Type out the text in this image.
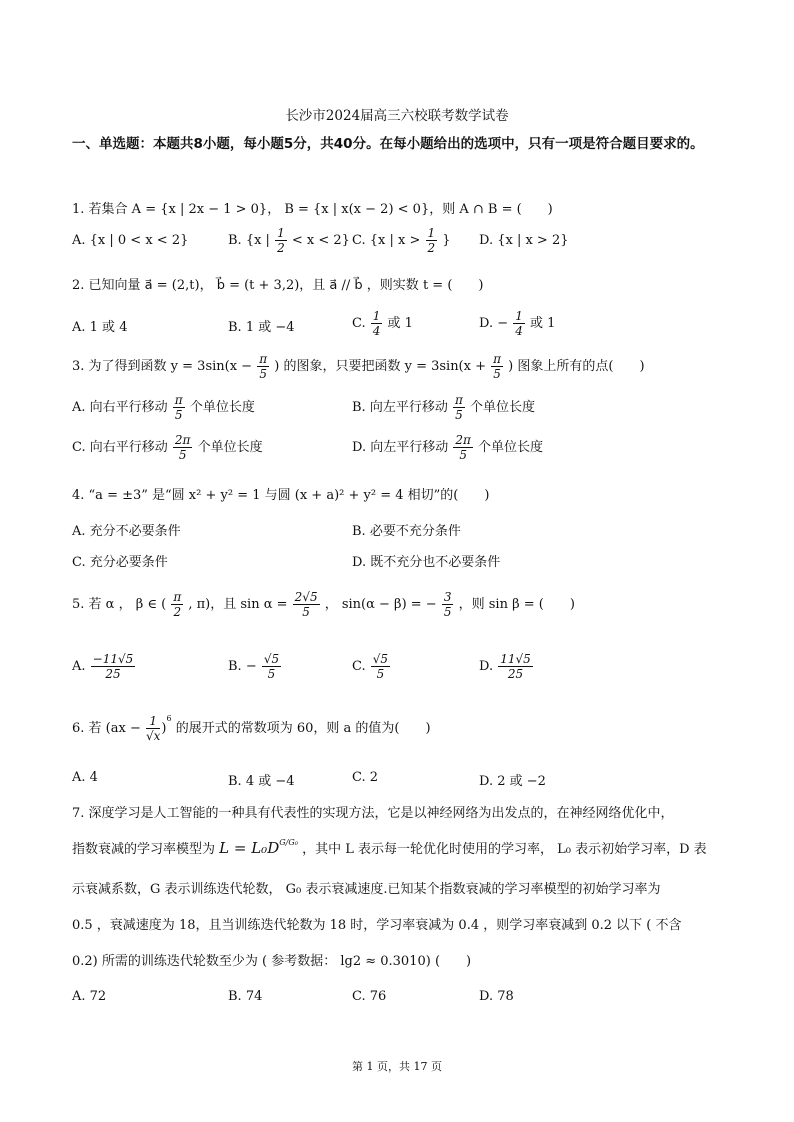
长沙市2024届高三六校联考数学试卷
一、单选题：本题共8小题，每小题5分，共40分。在每小题给出的选项中，只有一项是符合题目要求的。
1. 若集合 A = {x | 2x − 1 > 0}， B = {x | x(x − 2) < 0}，则 A ∩ B = (　　)
A. {x | 0 < x < 2}	B. {x | $\frac{1}{2} < x < 2$} C. {x | $x > \frac{1}{2}$ } D. {x | x > 2}
2. 已知向量 a⃗ = (2,t)， b⃗ = (t + 3,2)，且 a⃗ // b⃗ ，则实数 t = (　　)
A. 1 或 4	B. 1 或 −4	C. $\frac{1}{4}$ 或 1	D. − $\frac{1}{4}$ 或 1
3. 为了得到函数 $y = 3\sin(x - \frac{\pi}{5}$ ) 的图象，只要把函数 $y = 3\sin(x + \frac{\pi}{5}$ ) 图象上所有的点(　　)
A. 向右平行移动 $\frac{\pi}{5}$ 个单位长度	B. 向左平行移动 $\frac{\pi}{5}$ 个单位长度
C. 向右平行移动 $\frac{2\pi}{5}$ 个单位长度	D. 向左平行移动 $\frac{2\pi}{5}$ 个单位长度
4. “a = ±3” 是“圆 x² + y² = 1 与圆 (x + a)² + y² = 4 相切”的(　　)
A. 充分不必要条件	B. 必要不充分条件
C. 充分必要条件	D. 既不充分也不必要条件
5. 若 α ， β ∈ ( $\frac{\pi}{2}$ , π)，且 $\sin \alpha = \frac{2√5}{5}$ ， sin(α − β) = − $\frac{3}{5}$ ，则 sin β = (　　)
A. $\frac{-11√5}{25}$	B. − $\frac{√5}{5}$	C. $\frac{√5}{5}$	D. $\frac{11√5}{25}$
6. 若 $(ax - \frac{1}{√x} )^6$ 的展开式的常数项为 60，则 a 的值为(　　)
A. 4	B. 4 或 −4	C. 2	D. 2 或 −2
7. 深度学习是人工智能的一种具有代表性的实现方法，它是以神经网络为出发点的，在神经网络优化中，
指数衰减的学习率模型为 $L = L_0D^{G/G_0}$ ，其中 L 表示每一轮优化时使用的学习率， L₀ 表示初始学习率，D 表
示衰减系数，G 表示训练迭代轮数， G₀ 表示衰减速度.已知某个指数衰减的学习率模型的初始学习率为
0.5 ，衰减速度为 18，且当训练迭代轮数为 18 时，学习率衰减为 0.4 ，则学习率衰减到 0.2 以下 ( 不含
0.2) 所需的训练迭代轮数至少为 ( 参考数据： lg2 ≈ 0.3010) (　　)
A. 72	B. 74	C. 76	D. 78
第 1 页，共 17 页
